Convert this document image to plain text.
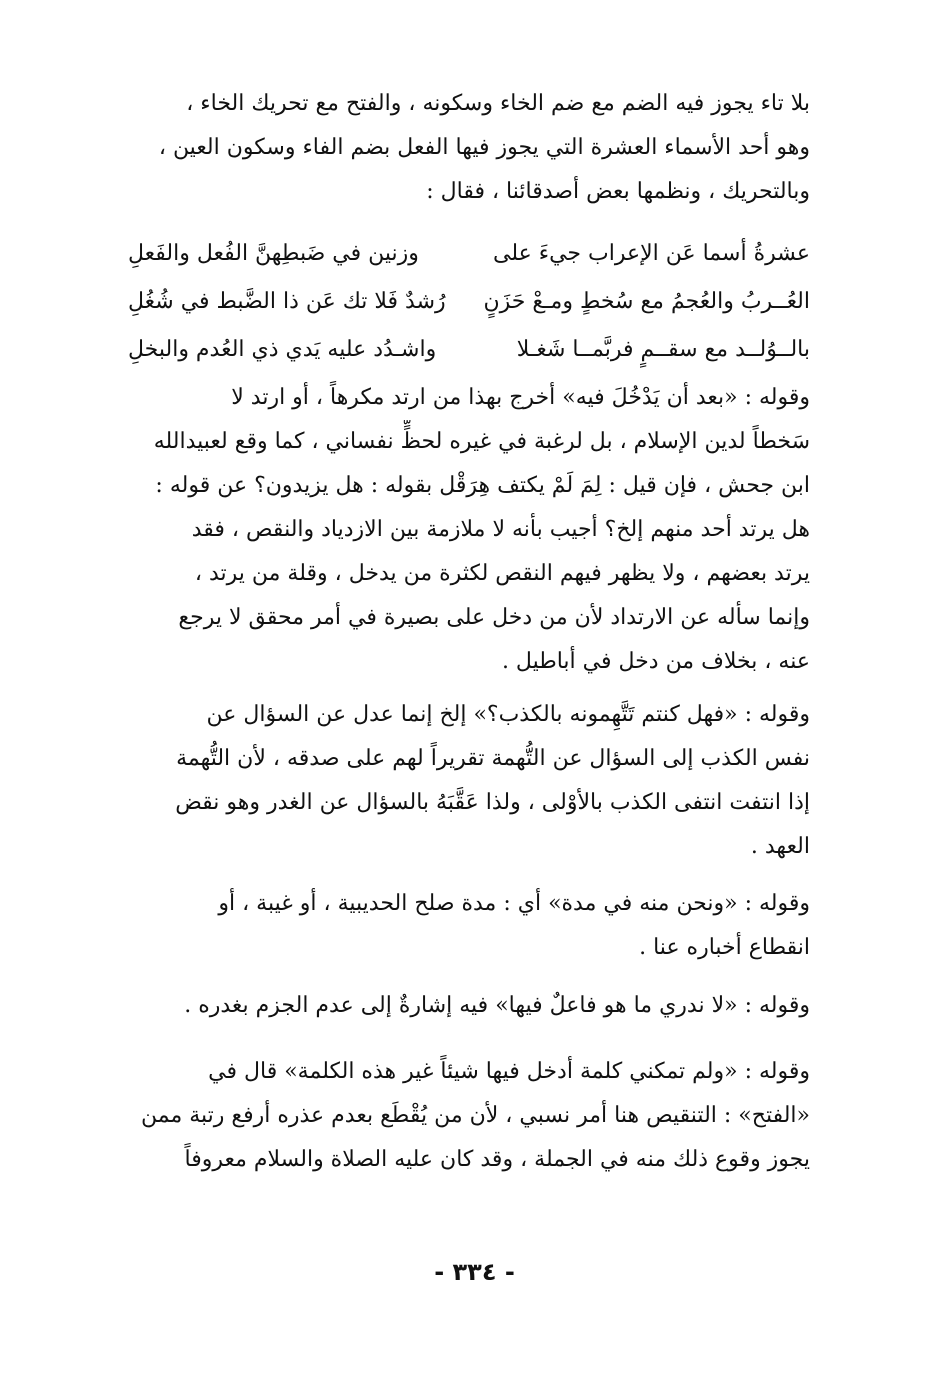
بلا تاء يجوز فيه الضم مع ضم الخاء وسكونه ، والفتح مع تحريك الخاء ،
وهو أحد الأسماء العشرة التي يجوز فيها الفعل بضم الفاء وسكون العين ،
وبالتحريك ، ونظمها بعض أصدقائنا ، فقال :
عشرةُ أسما عَن الإعراب جيءَ على
وزنين في ضَبطِهنَّ الفُعل والفَعلِ
العُــربُ والعُجمُ مع سُخطٍ ومـعْ حَزَنٍ
رُشدٌ فَلا تك عَن ذا الضَّبط في شُغُلِ
بالــوُلــد مع سقــمٍ فربَّمــا شَغـلا
واشـدُد عليه يَدي ذي العُدم والبخلِ
وقوله : «بعد أن يَدْخُلَ فيه» أخرج بهذا من ارتد مكرهاً ، أو ارتد لا
سَخطاً لدين الإسلام ، بل لرغبة في غيره لحظٍّ نفساني ، كما وقع لعبيدالله
ابن جحش ، فإن قيل : لِمَ لَمْ يكتف هِرَقْل بقوله : هل يزيدون؟ عن قوله :
هل يرتد أحد منهم إلخ؟ أجيب بأنه لا ملازمة بين الازدياد والنقص ، فقد
يرتد بعضهم ، ولا يظهر فيهم النقص لكثرة من يدخل ، وقلة من يرتد ،
وإنما سأله عن الارتداد لأن من دخل على بصيرة في أمر محقق لا يرجع
عنه ، بخلاف من دخل في أباطيل .
وقوله : «فهل كنتم تَتَّهِمونه بالكذب؟» إلخ إنما عدل عن السؤال عن
نفس الكذب إلى السؤال عن التُّهمة تقريراً لهم على صدقه ، لأن التُّهمة
إذا انتفت انتفى الكذب بالأوْلى ، ولذا عَقَّبَهُ بالسؤال عن الغدر وهو نقض
العهد .
وقوله : «ونحن منه في مدة» أي : مدة صلح الحديبية ، أو غيبة ، أو
انقطاع أخباره عنا .
وقوله : «لا ندري ما هو فاعلٌ فيها» فيه إشارةٌ إلى عدم الجزم بغدره .
وقوله : «ولم تمكني كلمة أدخل فيها شيئاً غير هذه الكلمة» قال في
«الفتح» : التنقيص هنا أمر نسبي ، لأن من يُقْطَع بعدم عذره أرفع رتبة ممن
يجوز وقوع ذلك منه في الجملة ، وقد كان عليه الصلاة والسلام معروفاً
- ٣٣٤ -
